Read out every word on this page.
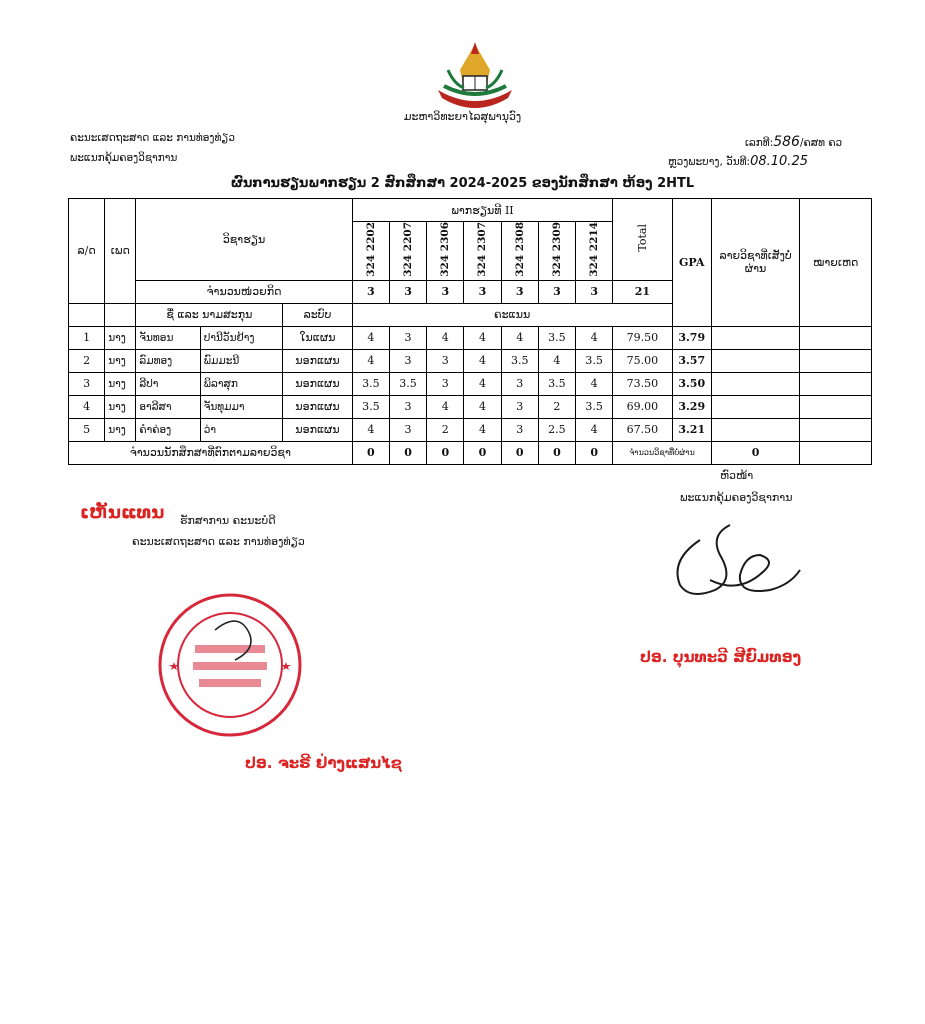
ມະຫາວິທະຍາໄລສຸພານຸວົງ
ຄະນະເສດຖະສາດ ແລະ ການທ່ອງທ່ຽວ
ພະແນກຄຸ້ມຄອງວິຊາການ
ເລກທີ:586/ຄສທ ຄວ
ຫຼວງພະບາງ, ວັນທີ:08.10.25
ຜົນການຮຽນພາກຮຽນ 2 ສົກສຶກສາ 2024-2025 ຂອງນັກສຶກສາ ຫ້ອງ 2HTL
ລ/ດ	ເພດ	ວິຊາຮຽນ			ພາກຮຽນທີ II							Total	GPA	ລາຍວິຊາທີ່ເສັງບໍ່ຜ່ານ	ໝາຍເຫດ
					324 2202	324 2207	324 2306	324 2307	324 2308	324 2309	324 2214				
		ຈໍານວນໜ່ວຍກິດ			3	3	3	3	3	3	3	21			
		ຊື່ ແລະ ນາມສະກຸນ		ລະບົບ	ຄະແນນ										
1	ນາງ	ຈັນທອນ	ປານີວັນຢ້າງ	ໃນແຜນ	4	3	4	4	4	3.5	4	79.50	3.79		
2	ນາງ	ລົມທອງ	ພົມມະນີ	ນອກແຜນ	4	3	3	4	3.5	4	3.5	75.00	3.57		
3	ນາງ	ລີປາ	ພິລາສຸກ	ນອກແຜນ	3.5	3.5	3	4	3	3.5	4	73.50	3.50		
4	ນາງ	ອາລີສາ	ຈັນທຸມມາ	ນອກແຜນ	3.5	3	4	4	3	2	3.5	69.00	3.29		
5	ນາງ	ຄຳຄ່ອງ	ວ່າ	ນອກແຜນ	4	3	2	4	3	2.5	4	67.50	3.21		
ຈຳນວນນັກສຶກສາທີ່ຕົກຕາມລາຍວິຊາ					0	0	0	0	0	0	0	ຈຳນວນວິຊາທີ່ບໍ່ຜ່ານ		0	
ຫົວໜ້າ
ພະແນກຄຸ້ມຄອງວິຊາການ
ປອ. ບຸນທະວີ ສີຍົມທອງ
ເຫັນແທນ ຮັກສາການ ຄະນະບໍດີ
ຄະນະເສດຖະສາດ ແລະ ການທ່ອງທ່ຽວ
ປອ. ຈະຣີ ຢ່າງແສນໄຊ
